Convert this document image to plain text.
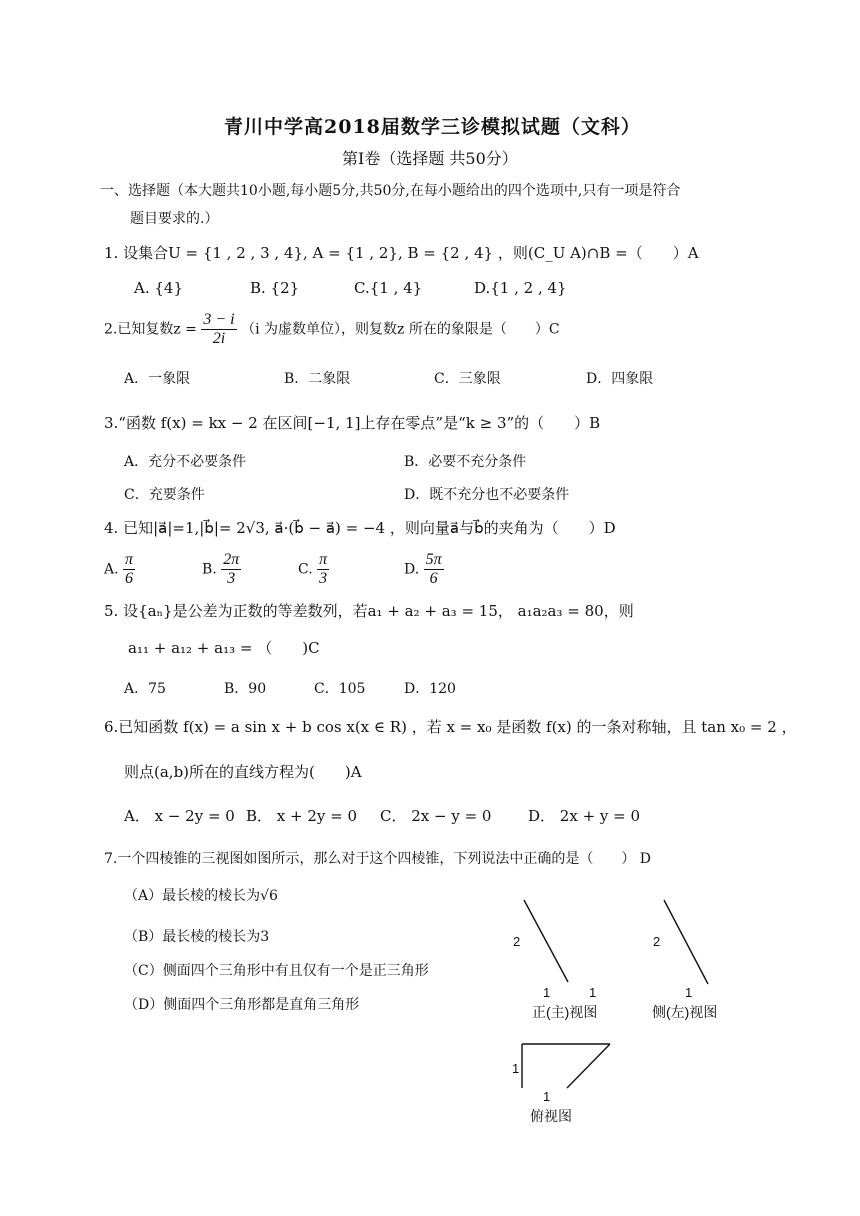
青川中学高2018届数学三诊模拟试题（文科）
第Ⅰ卷（选择题 共50分）
一、选择题（本大题共10小题,每小题5分,共50分,在每小题给出的四个选项中,只有一项是符合
题目要求的.）
1. 设集合U = {1 , 2 , 3 , 4}, A = {1 , 2}, B = {2 , 4} ，则(C_U A)∩B =（　　）A
A. {4}	B. {2}	C.{1 , 4}	D.{1 , 2 , 4}
2.已知复数$z = \frac{3 - i}{2i} (i$ 为虚数单位），则复数z 所在的象限是（　　）C
A．一象限	B．二象限	C．三象限	D．四象限
3.“函数 f(x) = kx − 2 在区间[−1, 1]上存在零点”是“k ≥ 3”的（　　）B
A．充分不必要条件	B．必要不充分条件
C．充要条件	D．既不充分也不必要条件
4. 已知|a⃗|=1,|b⃗|= 2√3, a⃗·(b⃗ − a⃗) = −4 ，则向量a⃗与b⃗的夹角为（　　）D
A. $\frac{\pi}{6}$	B. $\frac{2\pi}{3}$	C. $\frac{\pi}{3}$	D. $\frac{5\pi}{6}$
5. 设{aₙ}是公差为正数的等差数列，若a₁ + a₂ + a₃ = 15， a₁a₂a₃ = 80，则
a₁₁ + a₁₂ + a₁₃ = （　　)C
A．75	B．90	C．105	D．120
6.已知函数 f(x) = a sin x + b cos x(x ∈ R) ，若 x = x₀ 是函数 f(x) 的一条对称轴，且 tan x₀ = 2 ，
则点(a,b)所在的直线方程为(　　)A
A． x − 2y = 0 B． x + 2y = 0 C． 2x − y = 0 D． 2x + y = 0
7.一个四棱锥的三视图如图所示，那么对于这个四棱锥，下列说法中正确的是（　　） D
（A）最长棱的棱长为√6
（B）最长棱的棱长为3
（C）侧面四个三角形中有且仅有一个是正三角形
（D）侧面四个三角形都是直角三角形
2
1	1
正(主)视图
2
1
侧(左)视图
1
1
俯视图
